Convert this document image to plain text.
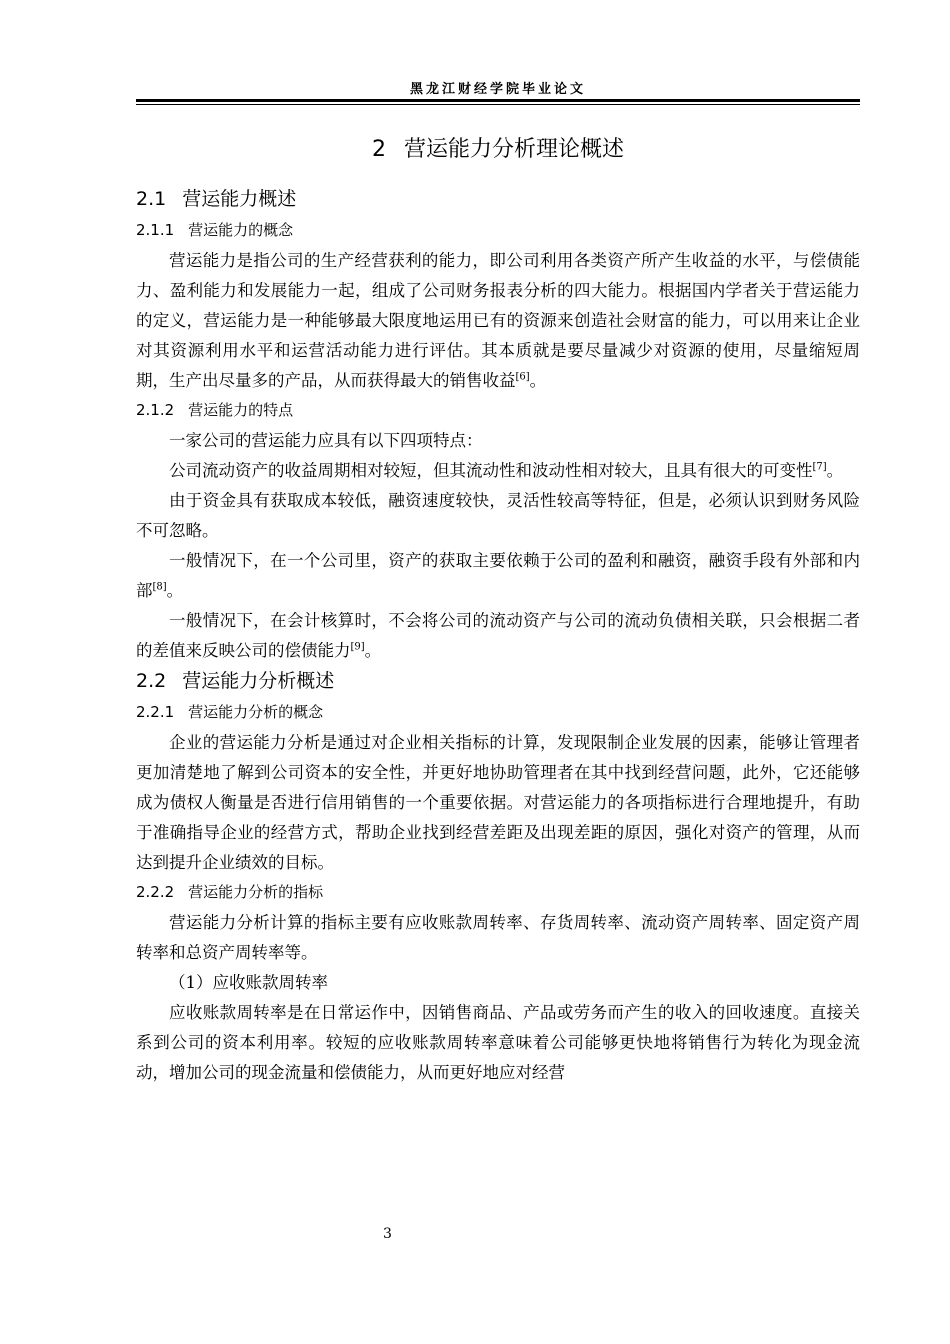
黑龙江财经学院毕业论文
2 营运能力分析理论概述
2.1 营运能力概述
2.1.1 营运能力的概念

营运能力是指公司的生产经营获利的能力，即公司利用各类资产所产生收益的水平，与偿债能力、盈利能力和发展能力一起，组成了公司财务报表分析的四大能力。根据国内学者关于营运能力的定义，营运能力是一种能够最大限度地运用已有的资源来创造社会财富的能力，可以用来让企业对其资源利用水平和运营活动能力进行评估。其本质就是要尽量减少对资源的使用，尽量缩短周期，生产出尽量多的产品，从而获得最大的销售收益[6]。

2.1.2 营运能力的特点

一家公司的营运能力应具有以下四项特点：

公司流动资产的收益周期相对较短，但其流动性和波动性相对较大，且具有很大的可变性[7]。

由于资金具有获取成本较低，融资速度较快，灵活性较高等特征，但是，必须认识到财务风险不可忽略。

一般情况下，在一个公司里，资产的获取主要依赖于公司的盈利和融资，融资手段有外部和内部[8]。

一般情况下，在会计核算时，不会将公司的流动资产与公司的流动负债相关联，只会根据二者的差值来反映公司的偿债能力[9]。

2.2 营运能力分析概述
2.2.1 营运能力分析的概念

企业的营运能力分析是通过对企业相关指标的计算，发现限制企业发展的因素，能够让管理者更加清楚地了解到公司资本的安全性，并更好地协助管理者在其中找到经营问题，此外，它还能够成为债权人衡量是否进行信用销售的一个重要依据。对营运能力的各项指标进行合理地提升，有助于准确指导企业的经营方式，帮助企业找到经营差距及出现差距的原因，强化对资产的管理，从而达到提升企业绩效的目标。

2.2.2 营运能力分析的指标

营运能力分析计算的指标主要有应收账款周转率、存货周转率、流动资产周转率、固定资产周转率和总资产周转率等。

（1）应收账款周转率

应收账款周转率是在日常运作中，因销售商品、产品或劳务而产生的收入的回收速度。直接关系到公司的资本利用率。较短的应收账款周转率意味着公司能够更快地将销售行为转化为现金流动，增加公司的现金流量和偿债能力，从而更好地应对经营

3
